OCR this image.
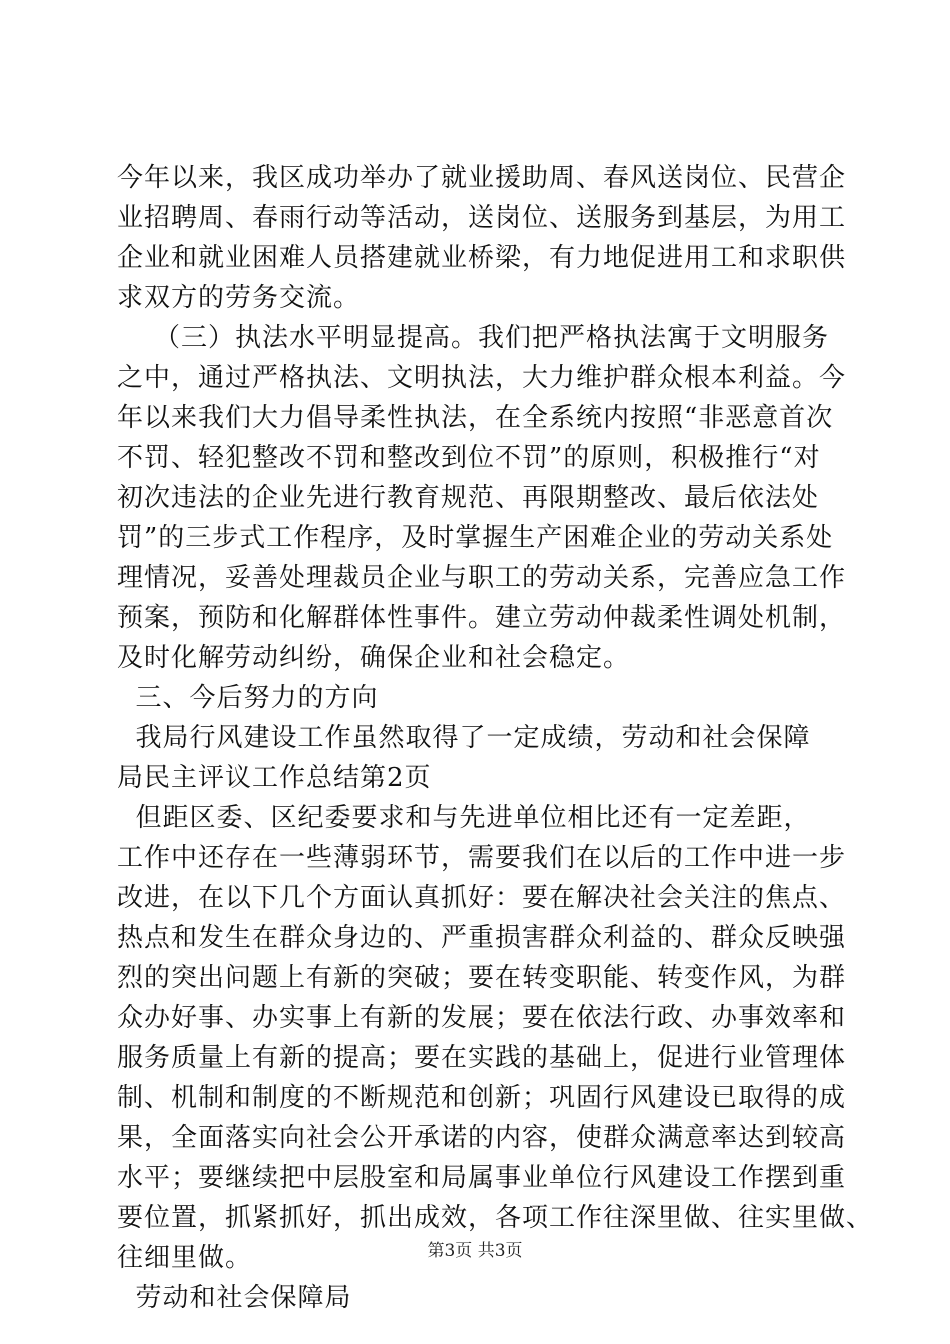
今年以来，我区成功举办了就业援助周、春风送岗位、民营企
业招聘周、春雨行动等活动，送岗位、送服务到基层，为用工
企业和就业困难人员搭建就业桥梁，有力地促进用工和求职供
求双方的劳务交流。
（三）执法水平明显提高。我们把严格执法寓于文明服务
之中，通过严格执法、文明执法，大力维护群众根本利益。今
年以来我们大力倡导柔性执法，在全系统内按照“非恶意首次
不罚、轻犯整改不罚和整改到位不罚”的原则，积极推行“对
初次违法的企业先进行教育规范、再限期整改、最后依法处
罚”的三步式工作程序，及时掌握生产困难企业的劳动关系处
理情况，妥善处理裁员企业与职工的劳动关系，完善应急工作
预案，预防和化解群体性事件。建立劳动仲裁柔性调处机制，
及时化解劳动纠纷，确保企业和社会稳定。
三、今后努力的方向
我局行风建设工作虽然取得了一定成绩，劳动和社会保障
局民主评议工作总结第2页
但距区委、区纪委要求和与先进单位相比还有一定差距，
工作中还存在一些薄弱环节，需要我们在以后的工作中进一步
改进，在以下几个方面认真抓好：要在解决社会关注的焦点、
热点和发生在群众身边的、严重损害群众利益的、群众反映强
烈的突出问题上有新的突破；要在转变职能、转变作风，为群
众办好事、办实事上有新的发展；要在依法行政、办事效率和
服务质量上有新的提高；要在实践的基础上，促进行业管理体
制、机制和制度的不断规范和创新；巩固行风建设已取得的成
果，全面落实向社会公开承诺的内容，使群众满意率达到较高
水平；要继续把中层股室和局属事业单位行风建设工作摆到重
要位置，抓紧抓好，抓出成效，各项工作往深里做、往实里做、
往细里做。
劳动和社会保障局
第3页 共3页
